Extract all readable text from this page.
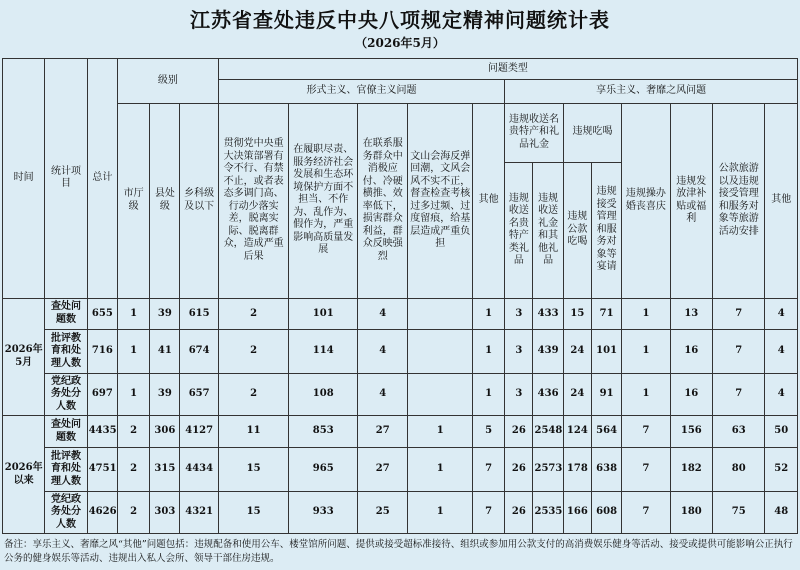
江苏省查处违反中央八项规定精神问题统计表
（2026年5月）
时间	统计项目	总计	级别			问题类型												
						形式主义、官僚主义问题					享乐主义、奢靡之风问题							
			市厅级	县处级	乡科级及以下	贯彻党中央重大决策部署有令不行、有禁不止，或者表态多调门高、行动少落实差，脱离实际、脱离群众，造成严重后果	在履职尽责、服务经济社会发展和生态环境保护方面不担当、不作为、乱作为、假作为，严重影响高质量发展	在联系服务群众中消极应付、冷硬横推、效率低下，损害群众利益，群众反映强烈	文山会海反弹回潮，文风会风不实不正，督查检查考核过多过频、过度留痕，给基层造成严重负担	其他	违规收送名贵特产和礼品礼金		违规吃喝		违规操办婚丧喜庆	违规发放津补贴或福利	公款旅游以及违规接受管理和服务对象等旅游活动安排	其他
											违规收送名贵特产类礼品	违规收送礼金和其他礼品	违规公款吃喝	违规接受管理和服务对象等宴请				
2026年5月	查处问题数	655	1	39	615	2	101	4		1	3	433	15	71	1	13	7	4
	批评教育和处理人数	716	1	41	674	2	114	4		1	3	439	24	101	1	16	7	4
	党纪政务处分人数	697	1	39	657	2	108	4		1	3	436	24	91	1	16	7	4
2026年以来	查处问题数	4435	2	306	4127	11	853	27	1	5	26	2548	124	564	7	156	63	50
	批评教育和处理人数	4751	2	315	4434	15	965	27	1	7	26	2573	178	638	7	182	80	52
	党纪政务处分人数	4626	2	303	4321	15	933	25	1	7	26	2535	166	608	7	180	75	48
备注：享乐主义、奢靡之风“其他”问题包括：违规配备和使用公车、楼堂馆所问题、提供或接受超标准接待、组织或参加用公款支付的高消费娱乐健身等活动、接受或提供可能影响公正执行公务的健身娱乐等活动、违规出入私人会所、领导干部住房违规。
